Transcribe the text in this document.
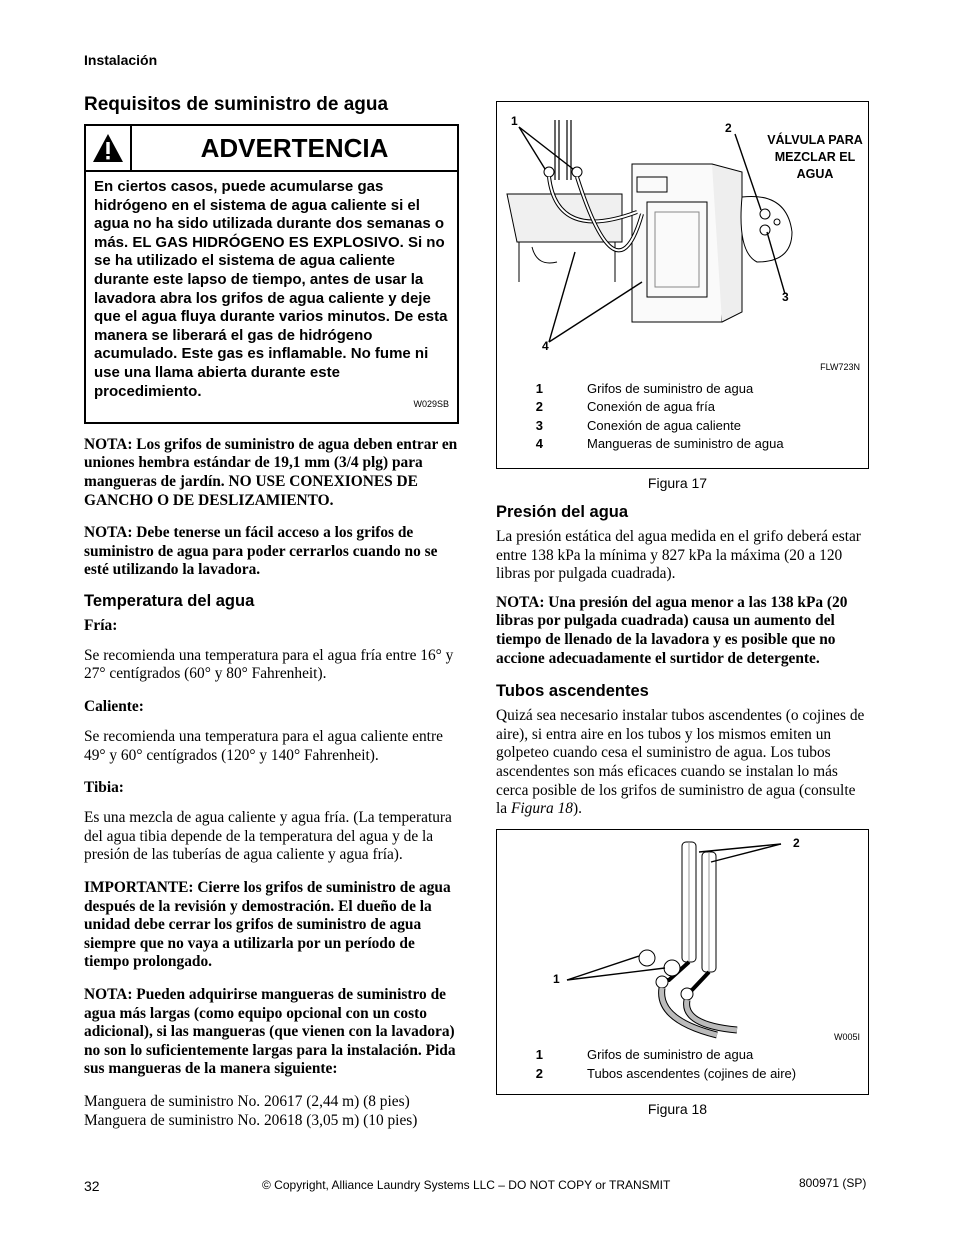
Instalación
Requisitos de suministro de agua
ADVERTENCIA
En ciertos casos, puede acumularse gas hidrógeno en el sistema de agua caliente si el agua no ha sido utilizada durante dos semanas o más. EL GAS HIDRÓGENO ES EXPLOSIVO. Si no se ha utilizado el sistema de agua caliente durante este lapso de tiempo, antes de usar la lavadora abra los grifos de agua caliente y deje que el agua fluya durante varios minutos. De esta manera se liberará el gas de hidrógeno acumulado. Este gas es inflamable. No fume ni use una llama abierta durante este procedimiento.
W029SB

NOTA: Los grifos de suministro de agua deben entrar en uniones hembra estándar de 19,1 mm (3/4 plg) para mangueras de jardín. NO USE CONEXIONES DE GANCHO O DE DESLIZAMIENTO.

NOTA: Debe tenerse un fácil acceso a los grifos de suministro de agua para poder cerrarlos cuando no se esté utilizando la lavadora.

Temperatura del agua
Fría:

Se recomienda una temperatura para el agua fría entre 16° y 27° centígrados (60° y 80° Fahrenheit).

Caliente:

Se recomienda una temperatura para el agua caliente entre 49° y 60° centígrados (120° y 140° Fahrenheit).

Tibia:

Es una mezcla de agua caliente y agua fría. (La temperatura del agua tibia depende de la temperatura del agua y de la presión de las tuberías de agua caliente y agua fría).

IMPORTANTE: Cierre los grifos de suministro de agua después de la revisión y demostración. El dueño de la unidad debe cerrar los grifos de suministro de agua siempre que no vaya a utilizarla por un período de tiempo prolongado.

NOTA: Pueden adquirirse mangueras de suministro de agua más largas (como equipo opcional con un costo adicional), si las mangueras (que vienen con la lavadora) no son lo suficientemente largas para la instalación. Pida sus mangueras de la manera siguiente:

Manguera de suministro No. 20617 (2,44 m) (8 pies)
Manguera de suministro No. 20618 (3,05 m) (10 pies)
1	2
3
4
VÁLVULA PARA MEZCLAR EL AGUA
FLW723N
1	Grifos de suministro de agua
2	Conexión de agua fría
3	Conexión de agua caliente
4	Mangueras de suministro de agua
Figura 17
Presión del agua

La presión estática del agua medida en el grifo deberá estar entre 138 kPa la mínima y 827 kPa la máxima (20 a 120 libras por pulgada cuadrada).

NOTA: Una presión del agua menor a las 138 kPa (20 libras por pulgada cuadrada) causa un aumento del tiempo de llenado de la lavadora y es posible que no accione adecuadamente el surtidor de detergente.

Tubos ascendentes

Quizá sea necesario instalar tubos ascendentes (o cojines de aire), si entra aire en los tubos y los mismos emiten un golpeteo cuando cesa el suministro de agua. Los tubos ascendentes son más eficaces cuando se instalan lo más cerca posible de los grifos de suministro de agua (consulte la Figura 18).

2
1
W005I
1	Grifos de suministro de agua
2	Tubos ascendentes (cojines de aire)
Figura 18
32	© Copyright, Alliance Laundry Systems LLC – DO NOT COPY or TRANSMIT	800971 (SP)
